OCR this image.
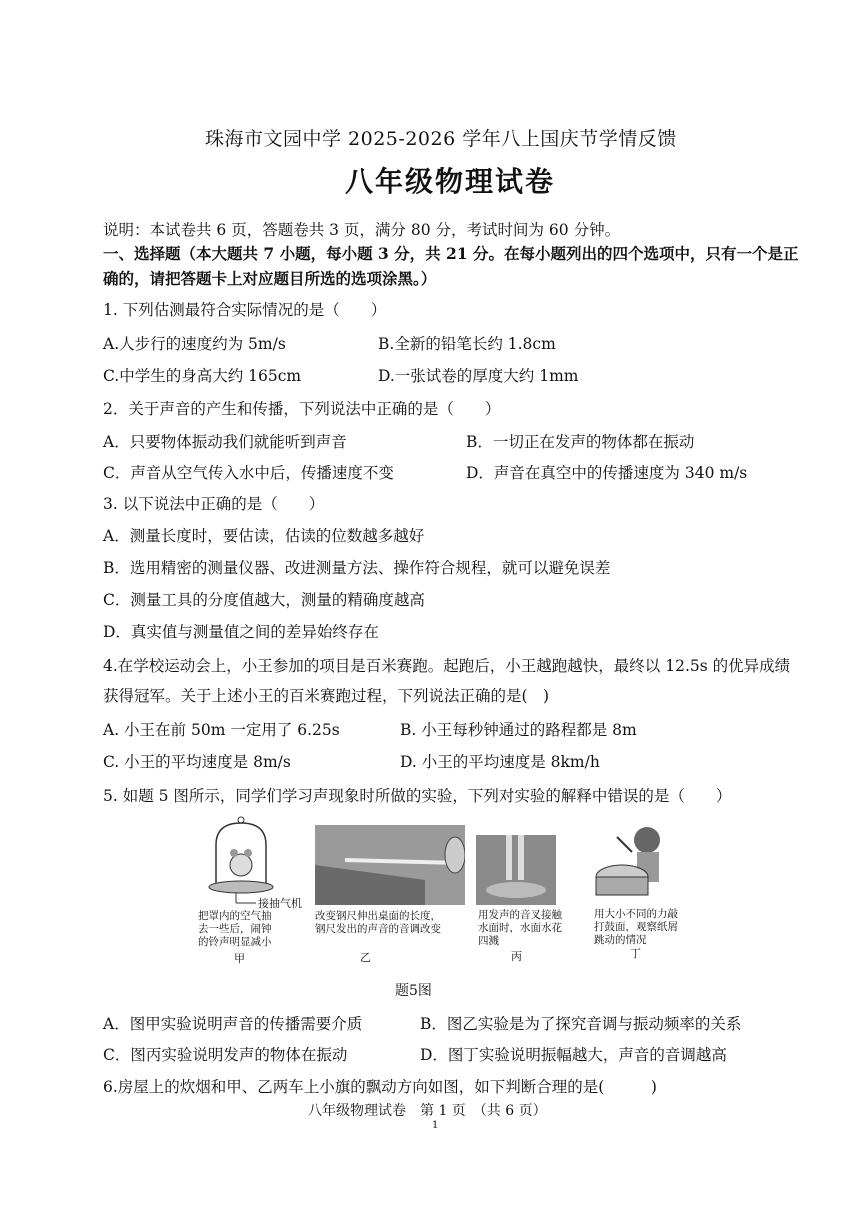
珠海市文园中学 2025-2026 学年八上国庆节学情反馈
八年级物理试卷
说明：本试卷共 6 页，答题卷共 3 页，满分 80 分，考试时间为 60 分钟。
一、选择题（本大题共 7 小题，每小题 3 分，共 21 分。在每小题列出的四个选项中，只有一个是正
确的，请把答题卡上对应题目所选的选项涂黑。）
1. 下列估测最符合实际情况的是（　　）
A.人步行的速度约为 5m/s	B.全新的铅笔长约 1.8cm
C.中学生的身高大约 165cm	D.一张试卷的厚度大约 1mm
2．关于声音的产生和传播，下列说法中正确的是（　　）
A．只要物体振动我们就能听到声音	B．一切正在发声的物体都在振动
C．声音从空气传入水中后，传播速度不变	D．声音在真空中的传播速度为 340 m/s
3. 以下说法中正确的是（　　）
A．测量长度时，要估读，估读的位数越多越好
B．选用精密的测量仪器、改进测量方法、操作符合规程，就可以避免误差
C．测量工具的分度值越大，测量的精确度越高
D．真实值与测量值之间的差异始终存在
4.在学校运动会上，小王参加的项目是百米赛跑。起跑后，小王越跑越快，最终以 12.5s 的优异成绩
获得冠军。关于上述小王的百米赛跑过程，下列说法正确的是(　)
A. 小王在前 50m 一定用了 6.25s	B. 小王每秒钟通过的路程都是 8m
C. 小王的平均速度是 8m/s	D. 小王的平均速度是 8km/h
5. 如题 5 图所示，同学们学习声现象时所做的实验，下列对实验的解释中错误的是（　　）
接抽气机
把罩内的空气抽去一些后，闹钟的铃声明显减小
甲
改变钢尺伸出桌面的长度，钢尺发出的声音的音调改变
乙
用发声的音叉接触水面时，水面水花四溅
丙
用大小不同的力敲打鼓面，观察纸屑跳动的情况
丁
题5图
A．图甲实验说明声音的传播需要介质	B．图乙实验是为了探究音调与振动频率的关系
C．图丙实验说明发声的物体在振动	D．图丁实验说明振幅越大，声音的音调越高
6.房屋上的炊烟和甲、乙两车上小旗的飘动方向如图，如下判断合理的是(　　　)
八年级物理试卷　第 1 页　（共 6 页）
1
